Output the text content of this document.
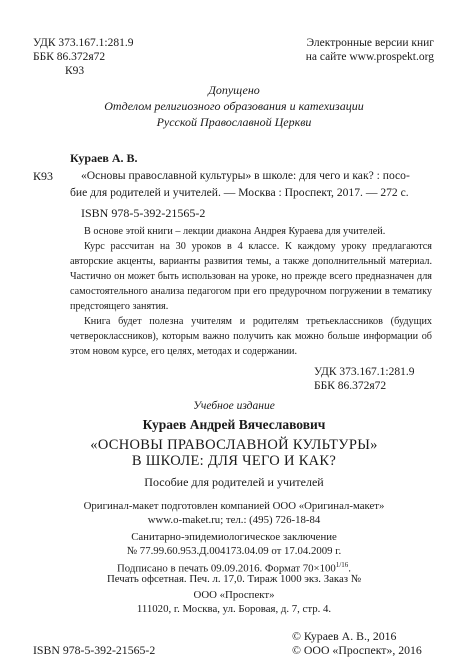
УДК 373.167.1:281.9
ББК 86.372я72
К93
Электронные версии книг
на сайте www.prospekt.org
Допущено
Отделом религиозного образования и катехизации
Русской Православной Церкви
Кураев А. В.
К93 «Основы православной культуры» в школе: для чего и как? : посо-
бие для родителей и учителей. — Москва : Проспект, 2017. — 272 с.
ISBN 978-5-392-21565-2

В основе этой книги – лекции диакона Андрея Кураева для учителей.

Курс рассчитан на 30 уроков в 4 классе. К каждому уроку предлагаются авторские акценты, варианты развития темы, а также дополнительный материал. Частично он может быть использован на уроке, но прежде всего предназначен для самостоятельного анализа педагогом при его предурочном погружении в тематику предстоящего занятия.

Книга будет полезна учителям и родителям третьеклассников (будущих четвероклассников), которым важно получить как можно больше информации об этом новом курсе, его целях, методах и содержании.

УДК 373.167.1:281.9
ББК 86.372я72
Учебное издание
Кураев Андрей Вячеславович
«ОСНОВЫ ПРАВОСЛАВНОЙ КУЛЬТУРЫ»
В ШКОЛЕ: ДЛЯ ЧЕГО И КАК?
Пособие для родителей и учителей
Оригинал-макет подготовлен компанией ООО «Оригинал-макет»
www.o-maket.ru; тел.: (495) 726-18-84
Санитарно-эпидемиологическое заключение
№ 77.99.60.953.Д.004173.04.09 от 17.04.2009 г.
Подписано в печать 09.09.2016. Формат $70\times 100^{1/16}$.
Печать офсетная. Печ. л. 17,0. Тираж 1000 экз. Заказ №
ООО «Проспект»
111020, г. Москва, ул. Боровая, д. 7, стр. 4.
ISBN 978-5-392-21565-2
© Кураев А. В., 2016
© ООО «Проспект», 2016
